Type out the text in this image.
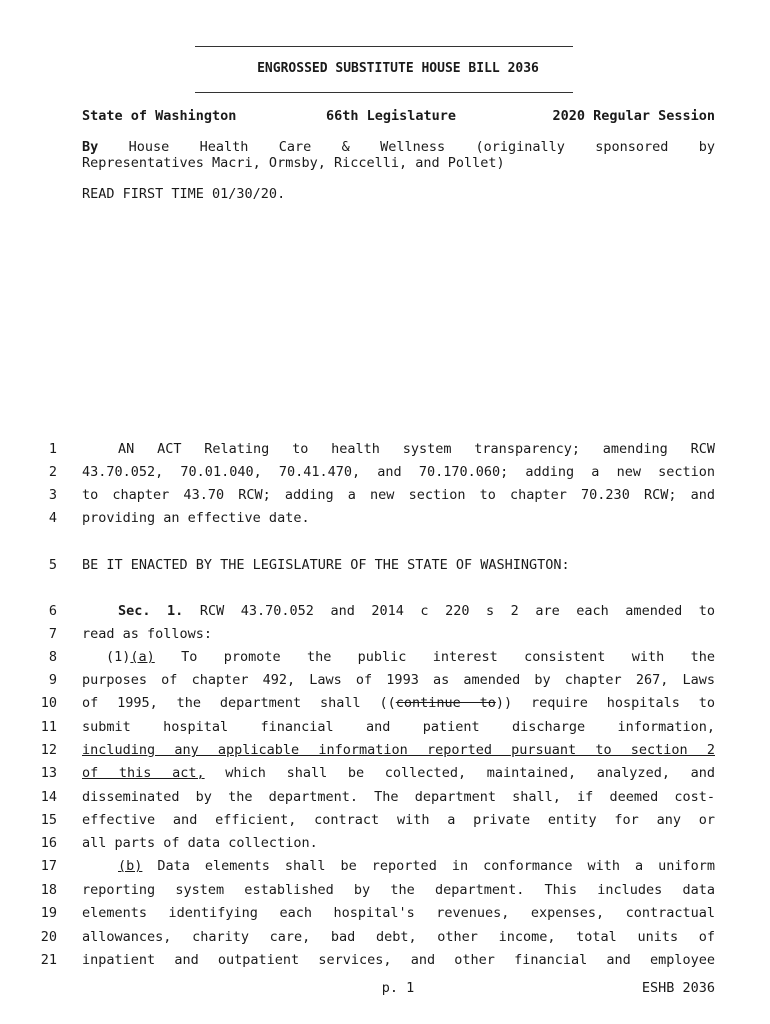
ENGROSSED SUBSTITUTE HOUSE BILL 2036
State of Washington	66th Legislature	2020 Regular Session
By House Health Care & Wellness (originally sponsored by
Representatives Macri, Ormsby, Riccelli, and Pollet)
READ FIRST TIME 01/30/20.
1	AN ACT Relating to health system transparency; amending RCW
2 43.70.052, 70.01.040, 70.41.470, and 70.170.060; adding a new section
3 to chapter 43.70 RCW; adding a new section to chapter 70.230 RCW; and
4 providing an effective date.
5 BE IT ENACTED BY THE LEGISLATURE OF THE STATE OF WASHINGTON:
6	Sec. 1. RCW 43.70.052 and 2014 c 220 s 2 are each amended to
7 read as follows:
8	(1)(a) To promote the public interest consistent with the
9 purposes of chapter 492, Laws of 1993 as amended by chapter 267, Laws
10 of 1995, the department shall ((continue to)) require hospitals to
11 submit hospital financial and patient discharge information,
12 including any applicable information reported pursuant to section 2
13 of this act, which shall be collected, maintained, analyzed, and
14 disseminated by the department. The department shall, if deemed cost-
15 effective and efficient, contract with a private entity for any or
16 all parts of data collection.
17	(b) Data elements shall be reported in conformance with a uniform
18 reporting system established by the department. This includes data
19 elements identifying each hospital's revenues, expenses, contractual
20 allowances, charity care, bad debt, other income, total units of
21 inpatient and outpatient services, and other financial and employee
p. 1	ESHB 2036
